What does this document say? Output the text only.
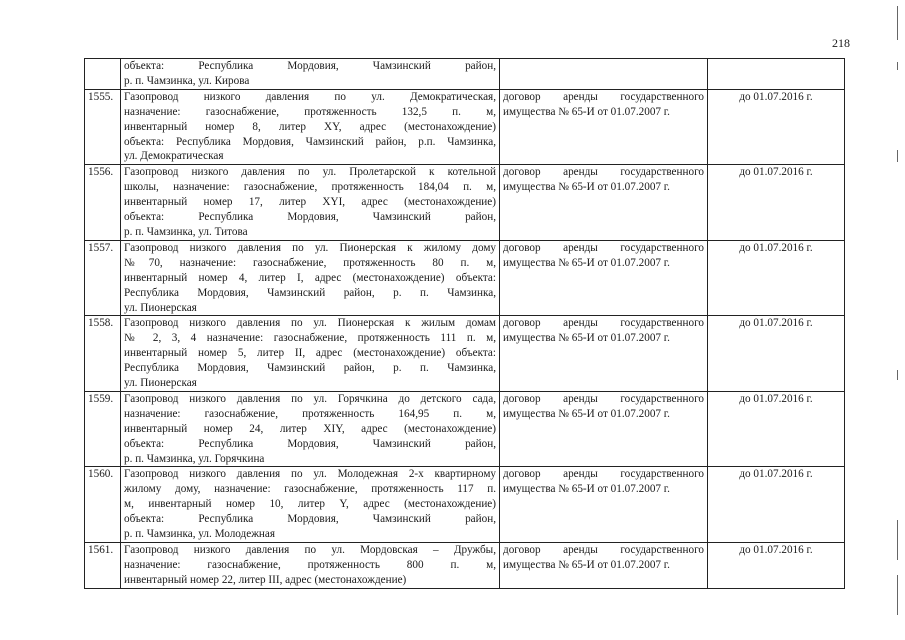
218

	объекта: Республика Мордовия, Чамзинский район,
р. п. Чамзинка, ул. Кирова		

1555.	Газопровод низкого давления по ул. Демократическая,
назначение: газоснабжение, протяженность 132,5 п. м,
инвентарный номер 8, литер XY, адрес (местонахождение)
объекта: Республика Мордовия, Чамзинский район, р.п. Чамзинка,
ул. Демократическая	договор аренды государственного
имущества № 65-И от 01.07.2007 г.	до 01.07.2016 г.

1556.	Газопровод низкого давления по ул. Пролетарской к котельной
школы, назначение: газоснабжение, протяженность 184,04 п. м,
инвентарный номер 17, литер XYI, адрес (местонахождение)
объекта: Республика Мордовия, Чамзинский район,
р. п. Чамзинка, ул. Титова	договор аренды государственного
имущества № 65-И от 01.07.2007 г.	до 01.07.2016 г.

1557.	Газопровод низкого давления по ул. Пионерская к жилому дому
№70, назначение: газоснабжение, протяженность 80 п. м,
инвентарный номер 4, литер I, адрес (местонахождение) объекта:
Республика Мордовия, Чамзинский район, р. п. Чамзинка,
ул. Пионерская	договор аренды государственного
имущества № 65-И от 01.07.2007 г.	до 01.07.2016 г.

1558.	Газопровод низкого давления по ул. Пионерская к жилым домам
№ 2, 3, 4 назначение: газоснабжение, протяженность 111 п. м,
инвентарный номер 5, литер II, адрес (местонахождение) объекта:
Республика Мордовия, Чамзинский район, р. п. Чамзинка,
ул. Пионерская	договор аренды государственного
имущества № 65-И от 01.07.2007 г.	до 01.07.2016 г.

1559.	Газопровод низкого давления по ул. Горячкина до детского сада,
назначение: газоснабжение, протяженность 164,95 п. м,
инвентарный номер 24, литер XIY, адрес (местонахождение)
объекта: Республика Мордовия, Чамзинский район,
р. п. Чамзинка, ул. Горячкина	договор аренды государственного
имущества № 65-И от 01.07.2007 г.	до 01.07.2016 г.

1560.	Газопровод низкого давления по ул. Молодежная 2-х квартирному
жилому дому, назначение: газоснабжение, протяженность 117 п.
м, инвентарный номер 10, литер Y, адрес (местонахождение)
объекта: Республика Мордовия, Чамзинский район,
р. п. Чамзинка, ул. Молодежная	договор аренды государственного
имущества № 65-И от 01.07.2007 г.	до 01.07.2016 г.

1561.	Газопровод низкого давления по ул. Мордовская – Дружбы,
назначение: газоснабжение, протяженность 800 п. м,
инвентарный номер 22, литер III, адрес (местонахождение)	договор аренды государственного
имущества № 65-И от 01.07.2007 г.	до 01.07.2016 г.
